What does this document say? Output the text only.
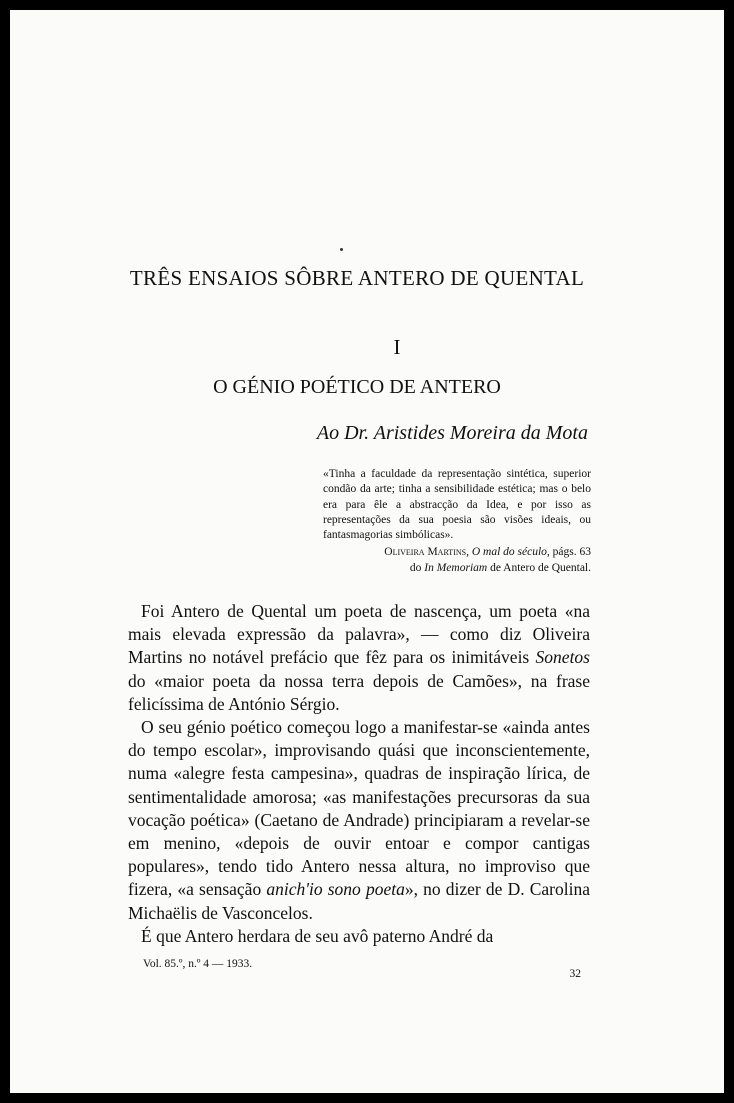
TRÊS ENSAIOS SÔBRE ANTERO DE QUENTAL
I
O GÉNIO POÉTICO DE ANTERO
Ao Dr. Aristides Moreira da Mota
«Tinha a faculdade da representação sintética, superior condão da arte; tinha a sensibilidade estética; mas o belo era para êle a abstracção da Idea, e por isso as representações da sua poesia são visões ideais, ou fantasmagorias simbólicas».
Oliveira Martins, O mal do século, págs. 63
do In Memoriam de Antero de Quental.

Foi Antero de Quental um poeta de nascença, um poeta «na mais elevada expressão da palavra», — como diz Oliveira Martins no notável prefácio que fêz para os inimitáveis Sonetos do «maior poeta da nossa terra depois de Camões», na frase felicíssima de António Sérgio.

O seu génio poético começou logo a manifestar-se «ainda antes do tempo escolar», improvisando quási que inconscientemente, numa «alegre festa campesina», quadras de inspiração lírica, de sentimentalidade amorosa; «as manifestações precursoras da sua vocação poética» (Caetano de Andrade) principiaram a revelar-se em menino, «depois de ouvir entoar e compor cantigas populares», tendo tido Antero nessa altura, no improviso que fizera, «a sensação anich'io sono poeta», no dizer de D. Carolina Michaëlis de Vasconcelos.

É que Antero herdara de seu avô paterno André da

Vol. 85.º, n.º 4 — 1933.
32
